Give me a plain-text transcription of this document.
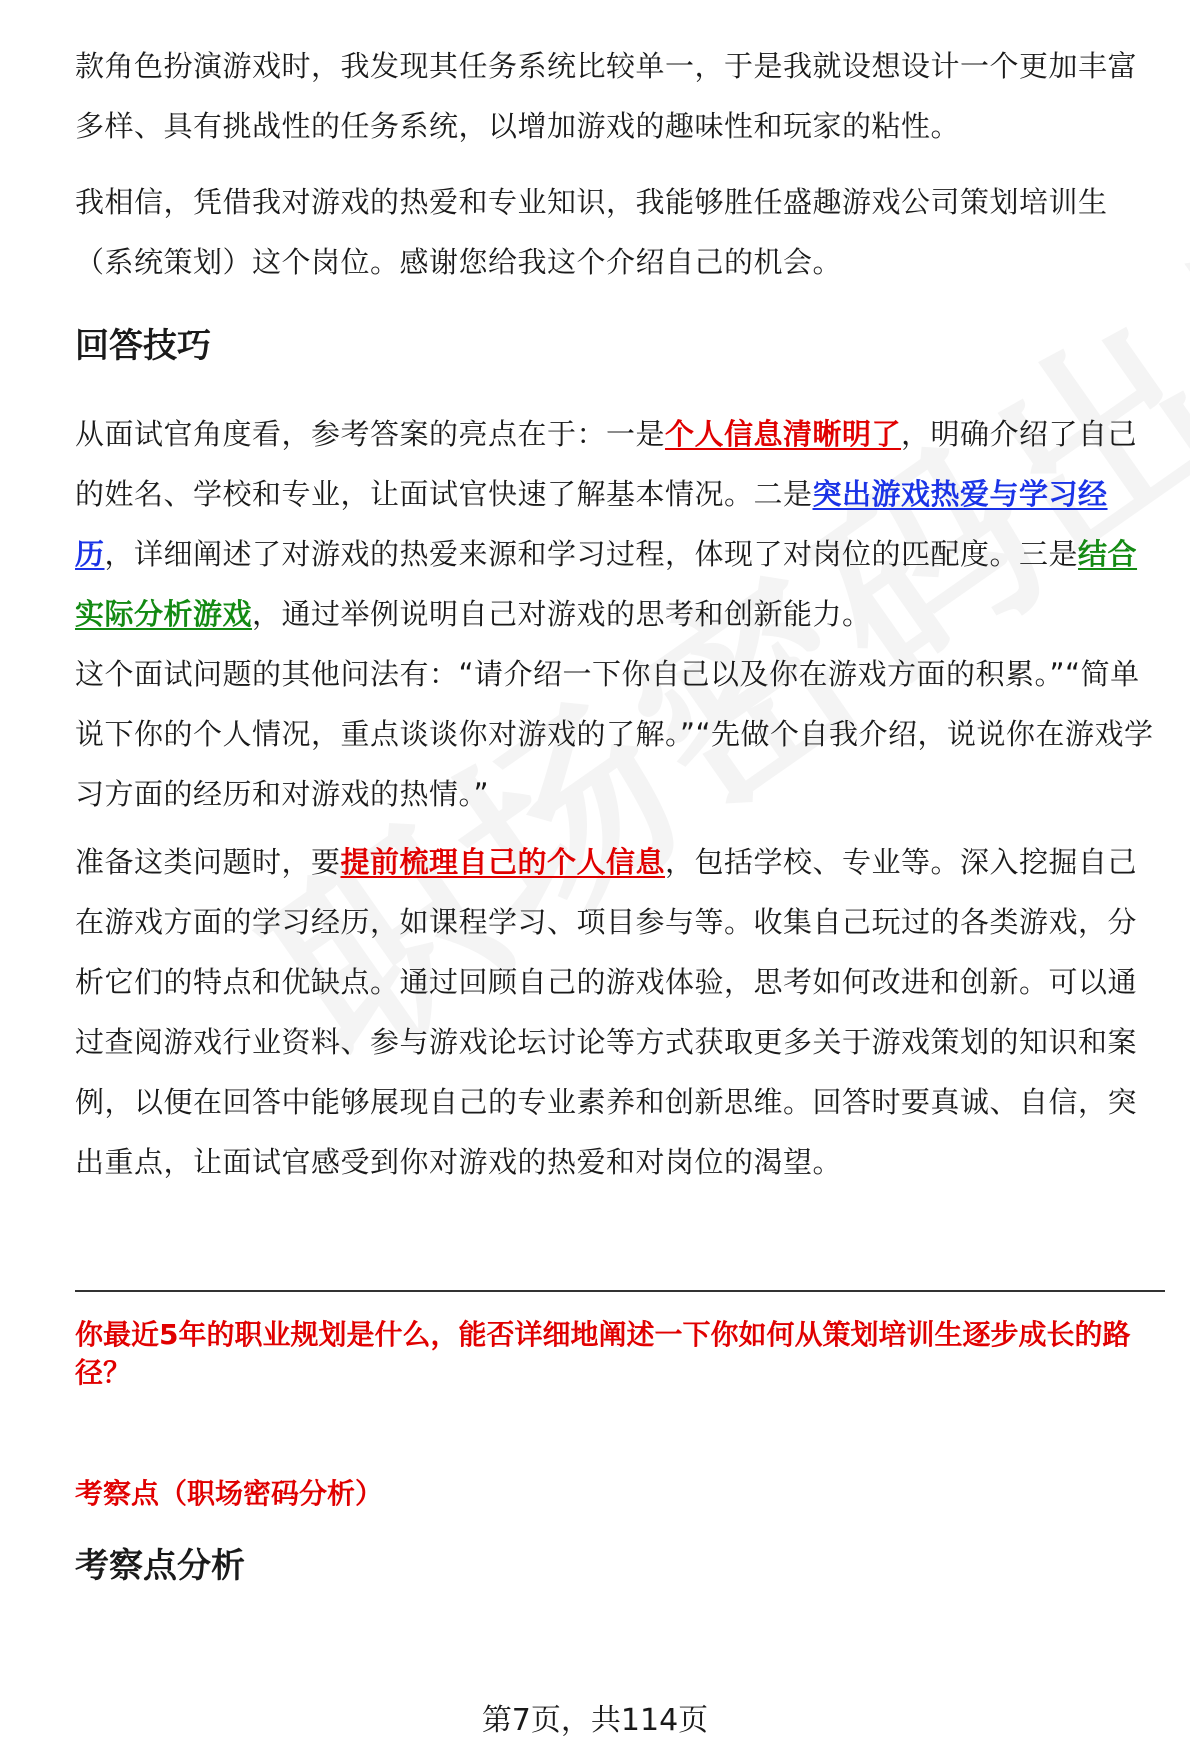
款角色扮演游戏时，我发现其任务系统比较单一，于是我就设想设计一个更加丰富多样、具有挑战性的任务系统，以增加游戏的趣味性和玩家的粘性。

我相信，凭借我对游戏的热爱和专业知识，我能够胜任盛趣游戏公司策划培训生（系统策划）这个岗位。感谢您给我这个介绍自己的机会。

回答技巧

从面试官角度看，参考答案的亮点在于：一是个人信息清晰明了，明确介绍了自己的姓名、学校和专业，让面试官快速了解基本情况。二是突出游戏热爱与学习经历，详细阐述了对游戏的热爱来源和学习过程，体现了对岗位的匹配度。三是结合实际分析游戏，通过举例说明自己对游戏的思考和创新能力。

这个面试问题的其他问法有：“请介绍一下你自己以及你在游戏方面的积累。”“简单说下你的个人情况，重点谈谈你对游戏的了解。”“先做个自我介绍，说说你在游戏学习方面的经历和对游戏的热情。”

准备这类问题时，要提前梳理自己的个人信息，包括学校、专业等。深入挖掘自己在游戏方面的学习经历，如课程学习、项目参与等。收集自己玩过的各类游戏，分析它们的特点和优缺点。通过回顾自己的游戏体验，思考如何改进和创新。可以通过查阅游戏行业资料、参与游戏论坛讨论等方式获取更多关于游戏策划的知识和案例，以便在回答中能够展现自己的专业素养和创新思维。回答时要真诚、自信，突出重点，让面试官感受到你对游戏的热爱和对岗位的渴望。

你最近5年的职业规划是什么，能否详细地阐述一下你如何从策划培训生逐步成长的路径？

考察点（职场密码分析）

考察点分析
第7页，共114页
